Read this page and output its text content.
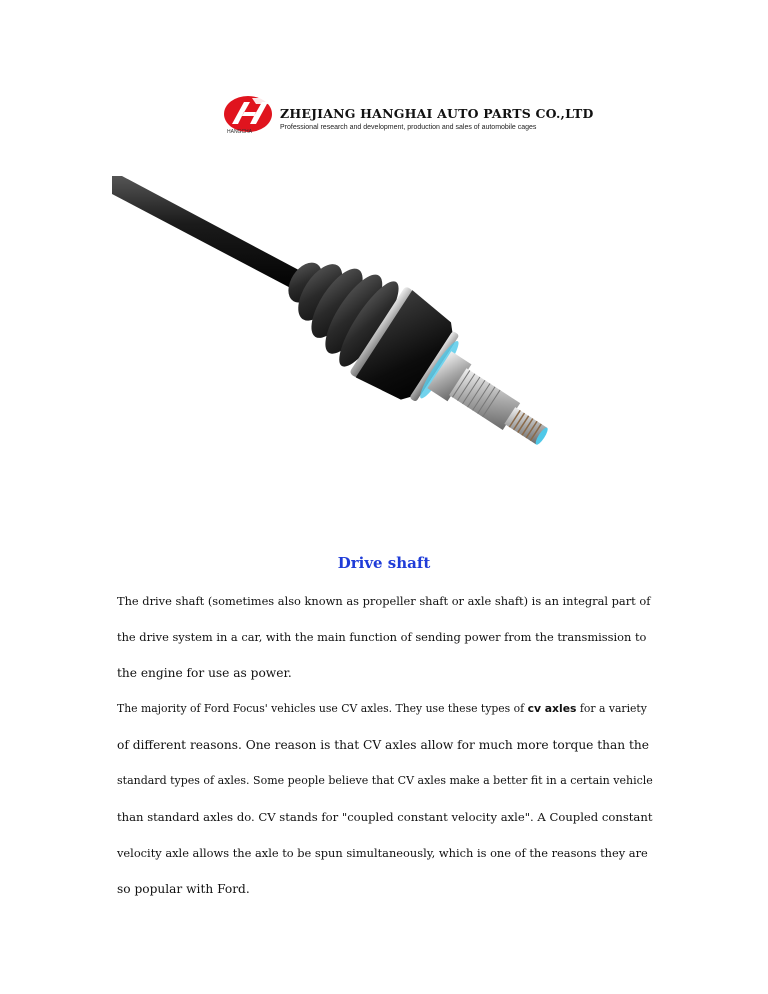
HANGCHA
ZHEJIANG HANGHAI AUTO PARTS CO.,LTD
Professional research and development, production and sales of automobile cages
Drive shaft
The drive shaft (sometimes also known as propeller shaft or axle shaft) is an integral part of
the drive system in a car, with the main function of sending power from the transmission to
the engine for use as power.
The majority of Ford Focus' vehicles use CV axles. They use these types of cv axles for a variety
of different reasons. One reason is that CV axles allow for much more torque than the
standard types of axles. Some people believe that CV axles make a better fit in a certain vehicle
than standard axles do. CV stands for "coupled constant velocity axle". A Coupled constant
velocity axle allows the axle to be spun simultaneously, which is one of the reasons they are
so popular with Ford.
